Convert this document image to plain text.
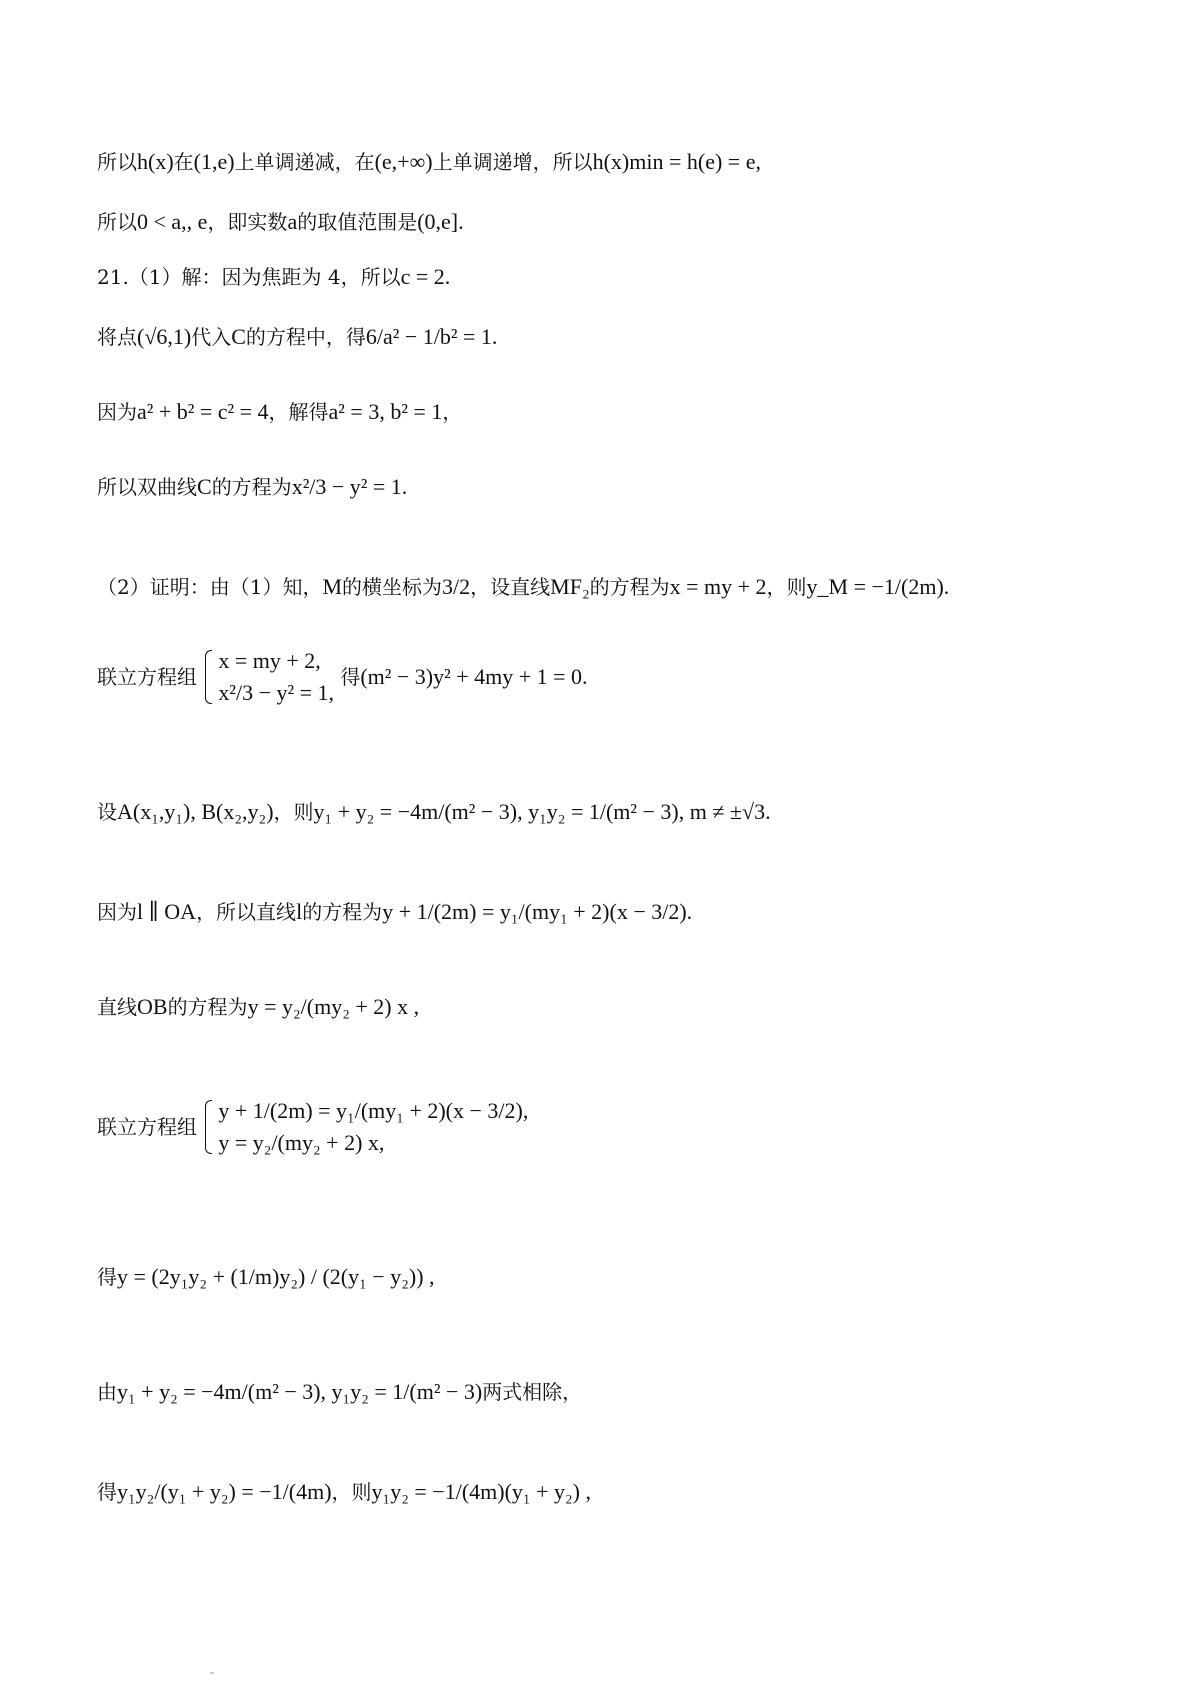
所以h(x)在(1,e)上单调递减，在(e,+∞)上单调递增，所以h(x)min = h(e) = e,
所以0 < a,, e，即实数a的取值范围是(0,e].
21.（1）解：因为焦距为 4，所以c = 2.
将点(√6,1)代入C的方程中，得6/a² − 1/b² = 1.
因为a² + b² = c² = 4，解得a² = 3, b² = 1，
所以双曲线C的方程为x²/3 − y² = 1.
（2）证明：由（1）知，M的横坐标为3/2，设直线MF₂的方程为x = my + 2，则y_M = −1/(2m).
联立方程组
x = my + 2,
x²/3 − y² = 1,
得(m² − 3)y² + 4my + 1 = 0.
设A(x₁,y₁), B(x₂,y₂)，则y₁ + y₂ = −4m/(m² − 3), y₁y₂ = 1/(m² − 3), m ≠ ±√3.
因为l ∥ OA，所以直线l的方程为y + 1/(2m) = y₁/(my₁ + 2)(x − 3/2).
直线OB的方程为y = y₂/(my₂ + 2) x ,
联立方程组
y + 1/(2m) = y₁/(my₁ + 2)(x − 3/2),
y = y₂/(my₂ + 2) x,
得y = (2y₁y₂ + (1/m)y₂) / (2(y₁ − y₂)) ,
由y₁ + y₂ = −4m/(m² − 3), y₁y₂ = 1/(m² − 3)两式相除，
得y₁y₂/(y₁ + y₂) = −1/(4m)，则y₁y₂ = −1/(4m)(y₁ + y₂) ,
